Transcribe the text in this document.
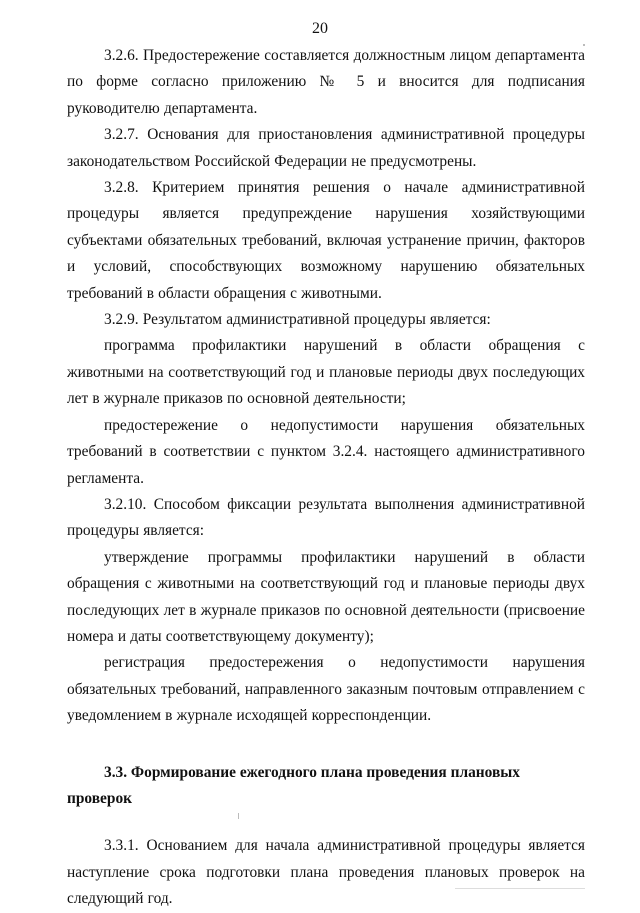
20

3.2.6. Предостережение составляется должностным лицом департамента по форме согласно приложению № 5 и вносится для подписания руководителю департамента.

3.2.7. Основания для приостановления административной процедуры законодательством Российской Федерации не предусмотрены.

3.2.8. Критерием принятия решения о начале административной процедуры является предупреждение нарушения хозяйствующими субъектами обязательных требований, включая устранение причин, факторов и условий, способствующих возможному нарушению обязательных требований в области обращения с животными.

3.2.9. Результатом административной процедуры является:

программа профилактики нарушений в области обращения с животными на соответствующий год и плановые периоды двух последующих лет в журнале приказов по основной деятельности;

предостережение о недопустимости нарушения обязательных требований в соответствии с пунктом 3.2.4. настоящего административного регламента.

3.2.10. Способом фиксации результата выполнения административной процедуры является:

утверждение программы профилактики нарушений в области обращения с животными на соответствующий год и плановые периоды двух последующих лет в журнале приказов по основной деятельности (присвоение номера и даты соответствующему документу);

регистрация предостережения о недопустимости нарушения обязательных требований, направленного заказным почтовым отправлением с уведомлением в журнале исходящей корреспонденции.

3.3. Формирование ежегодного плана проведения плановых проверок

3.3.1. Основанием для начала административной процедуры является наступление срока подготовки плана проведения плановых проверок на следующий год.
